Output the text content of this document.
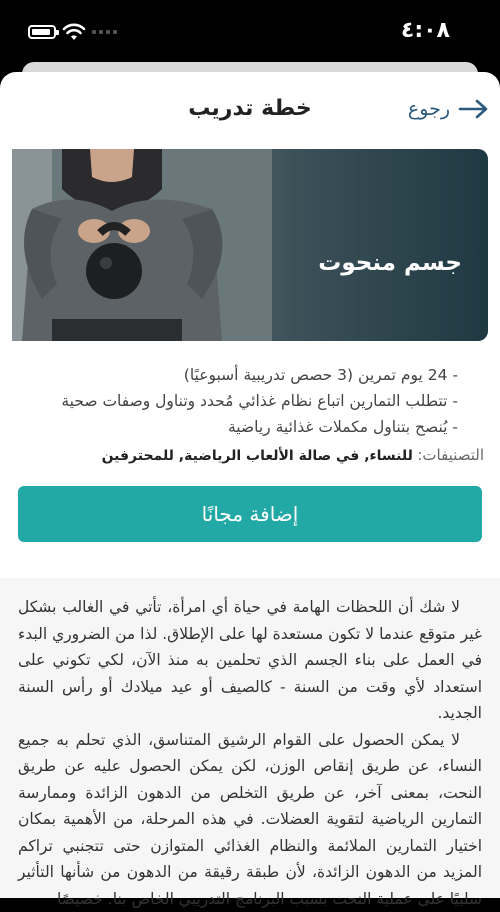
٤:٠٨
خطة تدريب	رجوع
جسم منحوت
- 24 يوم تمرين (3 حصص تدريبية أسبوعيًا)
- تتطلب التمارين اتباع نظام غذائي مُحدد وتناول وصفات صحية
- يُنصح بتناول مكملات غذائية رياضية
التصنيفات: للنساء, في صالة الألعاب الرياضية, للمحترفين
إضافة مجانًا

لا شك أن اللحظات الهامة في حياة أي امرأة، تأتي في الغالب بشكل غير متوقع عندما لا تكون مستعدة لها على الإطلاق. لذا من الضروري البدء في العمل على بناء الجسم الذي تحلمين به منذ الآن، لكي تكوني على استعداد لأي وقت من السنة - كالصيف أو عيد ميلادك أو رأس السنة الجديد.

لا يمكن الحصول على القوام الرشيق المتناسق، الذي تحلم به جميع النساء، عن طريق إنقاص الوزن، لكن يمكن الحصول عليه عن طريق النحت، بمعنى آخر، عن طريق التخلص من الدهون الزائدة وممارسة التمارين الرياضية لتقوية العضلات. في هذه المرحلة، من الأهمية بمكان اختيار التمارين الملائمة والنظام الغذائي المتوازن حتى تتجنبي تراكم المزيد من الدهون الزائدة، لأن طبقة رقيقة من الدهون من شأنها التأثير سلبيًا على عملية النحت بسبب البرنامج التدريبي الخاص بنا. خصيصًا
